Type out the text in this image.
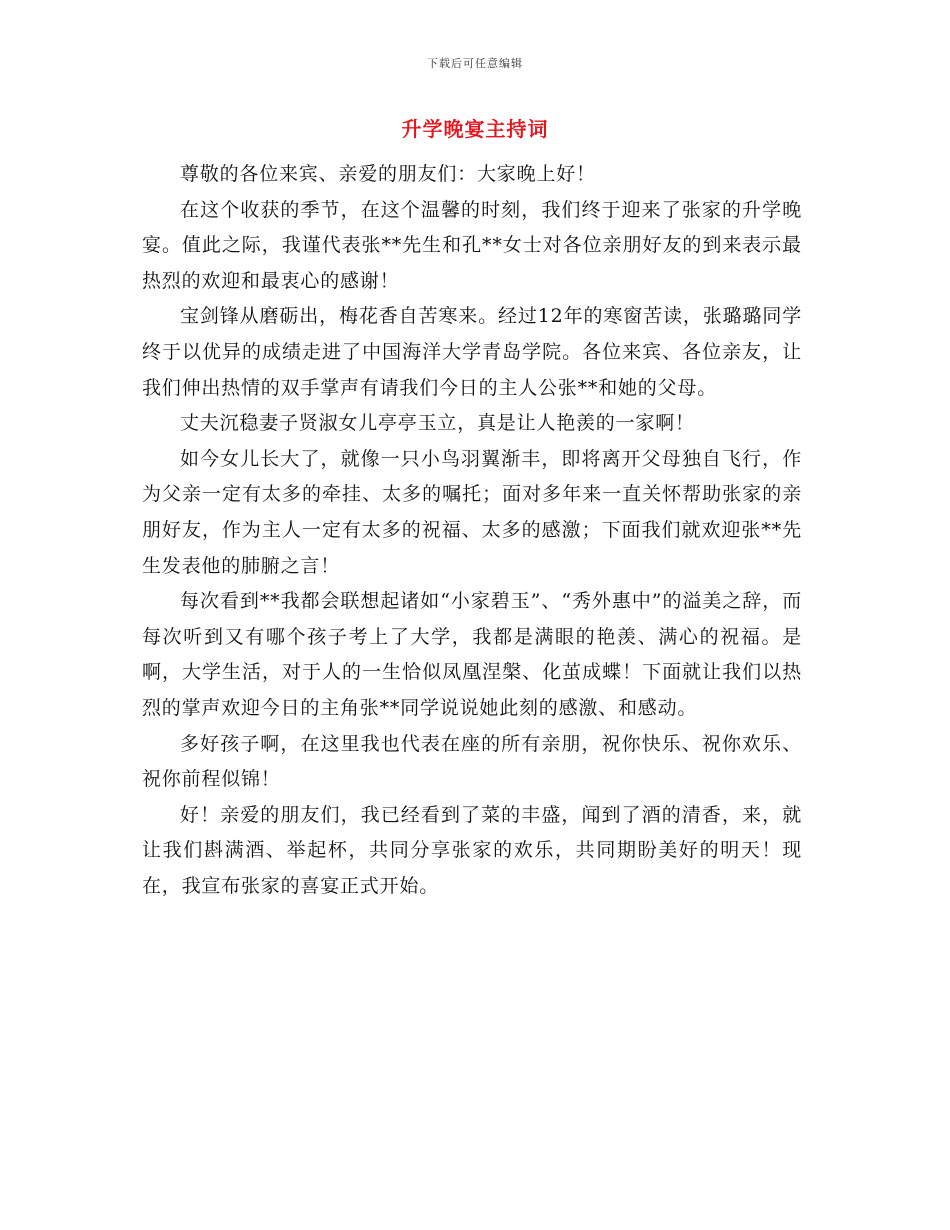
下载后可任意编辑
升学晚宴主持词

尊敬的各位来宾、亲爱的朋友们：大家晚上好！

在这个收获的季节，在这个温馨的时刻，我们终于迎来了张家的升学晚宴。值此之际，我谨代表张**先生和孔**女士对各位亲朋好友的到来表示最热烈的欢迎和最衷心的感谢！

宝剑锋从磨砺出，梅花香自苦寒来。经过12年的寒窗苦读，张璐璐同学终于以优异的成绩走进了中国海洋大学青岛学院。各位来宾、各位亲友，让我们伸出热情的双手掌声有请我们今日的主人公张**和她的父母。

丈夫沉稳妻子贤淑女儿亭亭玉立，真是让人艳羡的一家啊！

如今女儿长大了，就像一只小鸟羽翼渐丰，即将离开父母独自飞行，作为父亲一定有太多的牵挂、太多的嘱托；面对多年来一直关怀帮助张家的亲朋好友，作为主人一定有太多的祝福、太多的感激；下面我们就欢迎张**先生发表他的肺腑之言！

每次看到**我都会联想起诸如“小家碧玉”、“秀外惠中”的溢美之辞，而每次听到又有哪个孩子考上了大学，我都是满眼的艳羡、满心的祝福。是啊，大学生活，对于人的一生恰似凤凰涅槃、化茧成蝶！下面就让我们以热烈的掌声欢迎今日的主角张**同学说说她此刻的感激、和感动。

多好孩子啊，在这里我也代表在座的所有亲朋，祝你快乐、祝你欢乐、祝你前程似锦！

好！亲爱的朋友们，我已经看到了菜的丰盛，闻到了酒的清香，来，就让我们斟满酒、举起杯，共同分享张家的欢乐，共同期盼美好的明天！现在，我宣布张家的喜宴正式开始。
